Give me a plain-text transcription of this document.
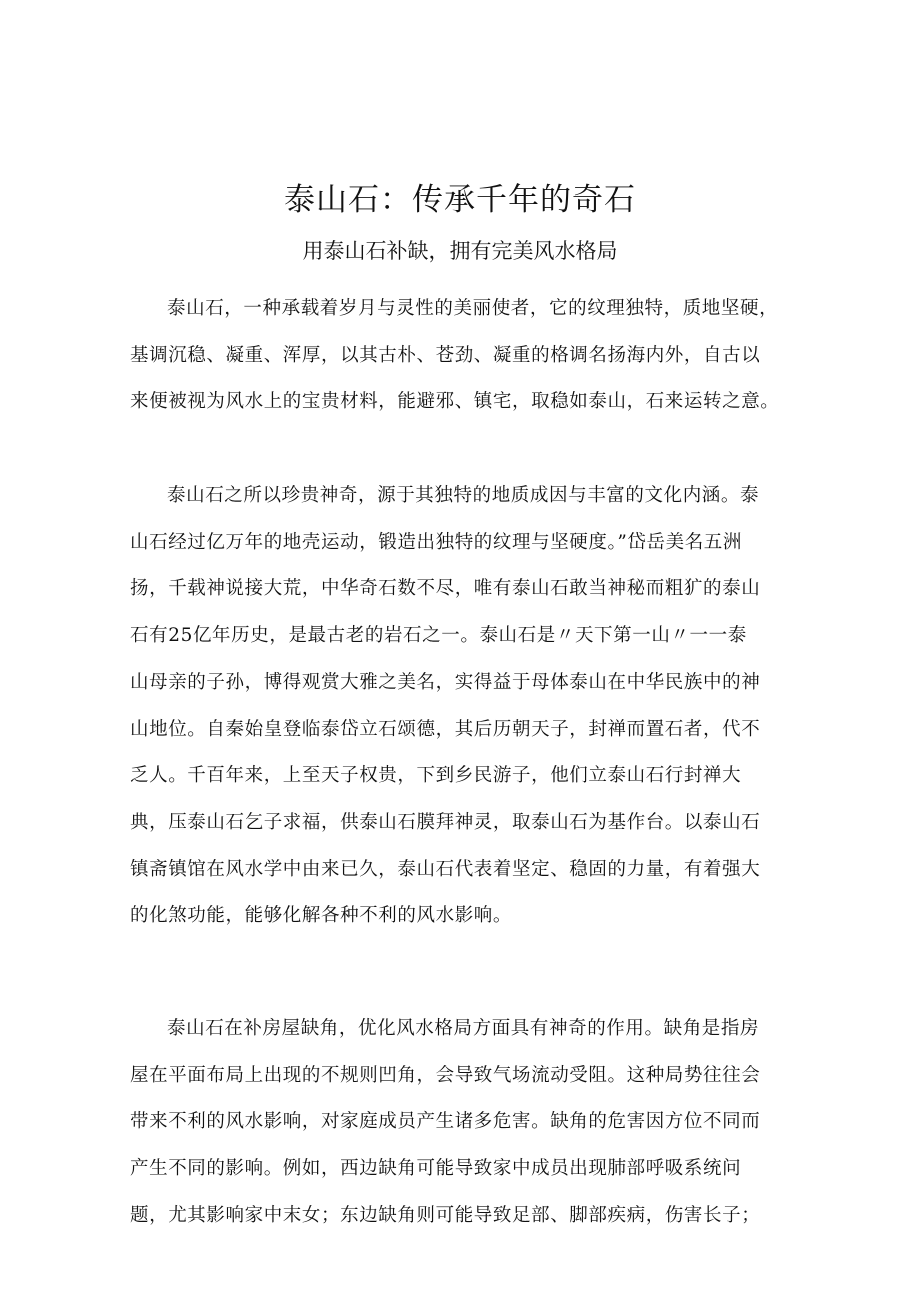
泰山石：传承千年的奇石
用泰山石补缺，拥有完美风水格局
泰山石，一种承载着岁月与灵性的美丽使者，它的纹理独特，质地坚硬，
基调沉稳、凝重、浑厚，以其古朴、苍劲、凝重的格调名扬海内外，自古以
来便被视为风水上的宝贵材料，能避邪、镇宅，取稳如泰山，石来运转之意。
泰山石之所以珍贵神奇，源于其独特的地质成因与丰富的文化内涵。泰
山石经过亿万年的地壳运动，锻造出独特的纹理与坚硬度。”岱岳美名五洲
扬，千载神说接大荒，中华奇石数不尽，唯有泰山石敢当神秘而粗犷的泰山
石有25亿年历史，是最古老的岩石之一。泰山石是〃天下第一山〃一一泰
山母亲的子孙，博得观赏大雅之美名，实得益于母体泰山在中华民族中的神
山地位。自秦始皇登临泰岱立石颂德，其后历朝天子，封禅而置石者，代不
乏人。千百年来，上至天子权贵，下到乡民游子，他们立泰山石行封禅大
典，压泰山石乞子求福，供泰山石膜拜神灵，取泰山石为基作台。以泰山石
镇斋镇馆在风水学中由来已久，泰山石代表着坚定、稳固的力量，有着强大
的化煞功能，能够化解各种不利的风水影响。
泰山石在补房屋缺角，优化风水格局方面具有神奇的作用。缺角是指房
屋在平面布局上出现的不规则凹角，会导致气场流动受阻。这种局势往往会
带来不利的风水影响，对家庭成员产生诸多危害。缺角的危害因方位不同而
产生不同的影响。例如，西边缺角可能导致家中成员出现肺部呼吸系统问
题，尤其影响家中末女；东边缺角则可能导致足部、脚部疾病，伤害长子；
